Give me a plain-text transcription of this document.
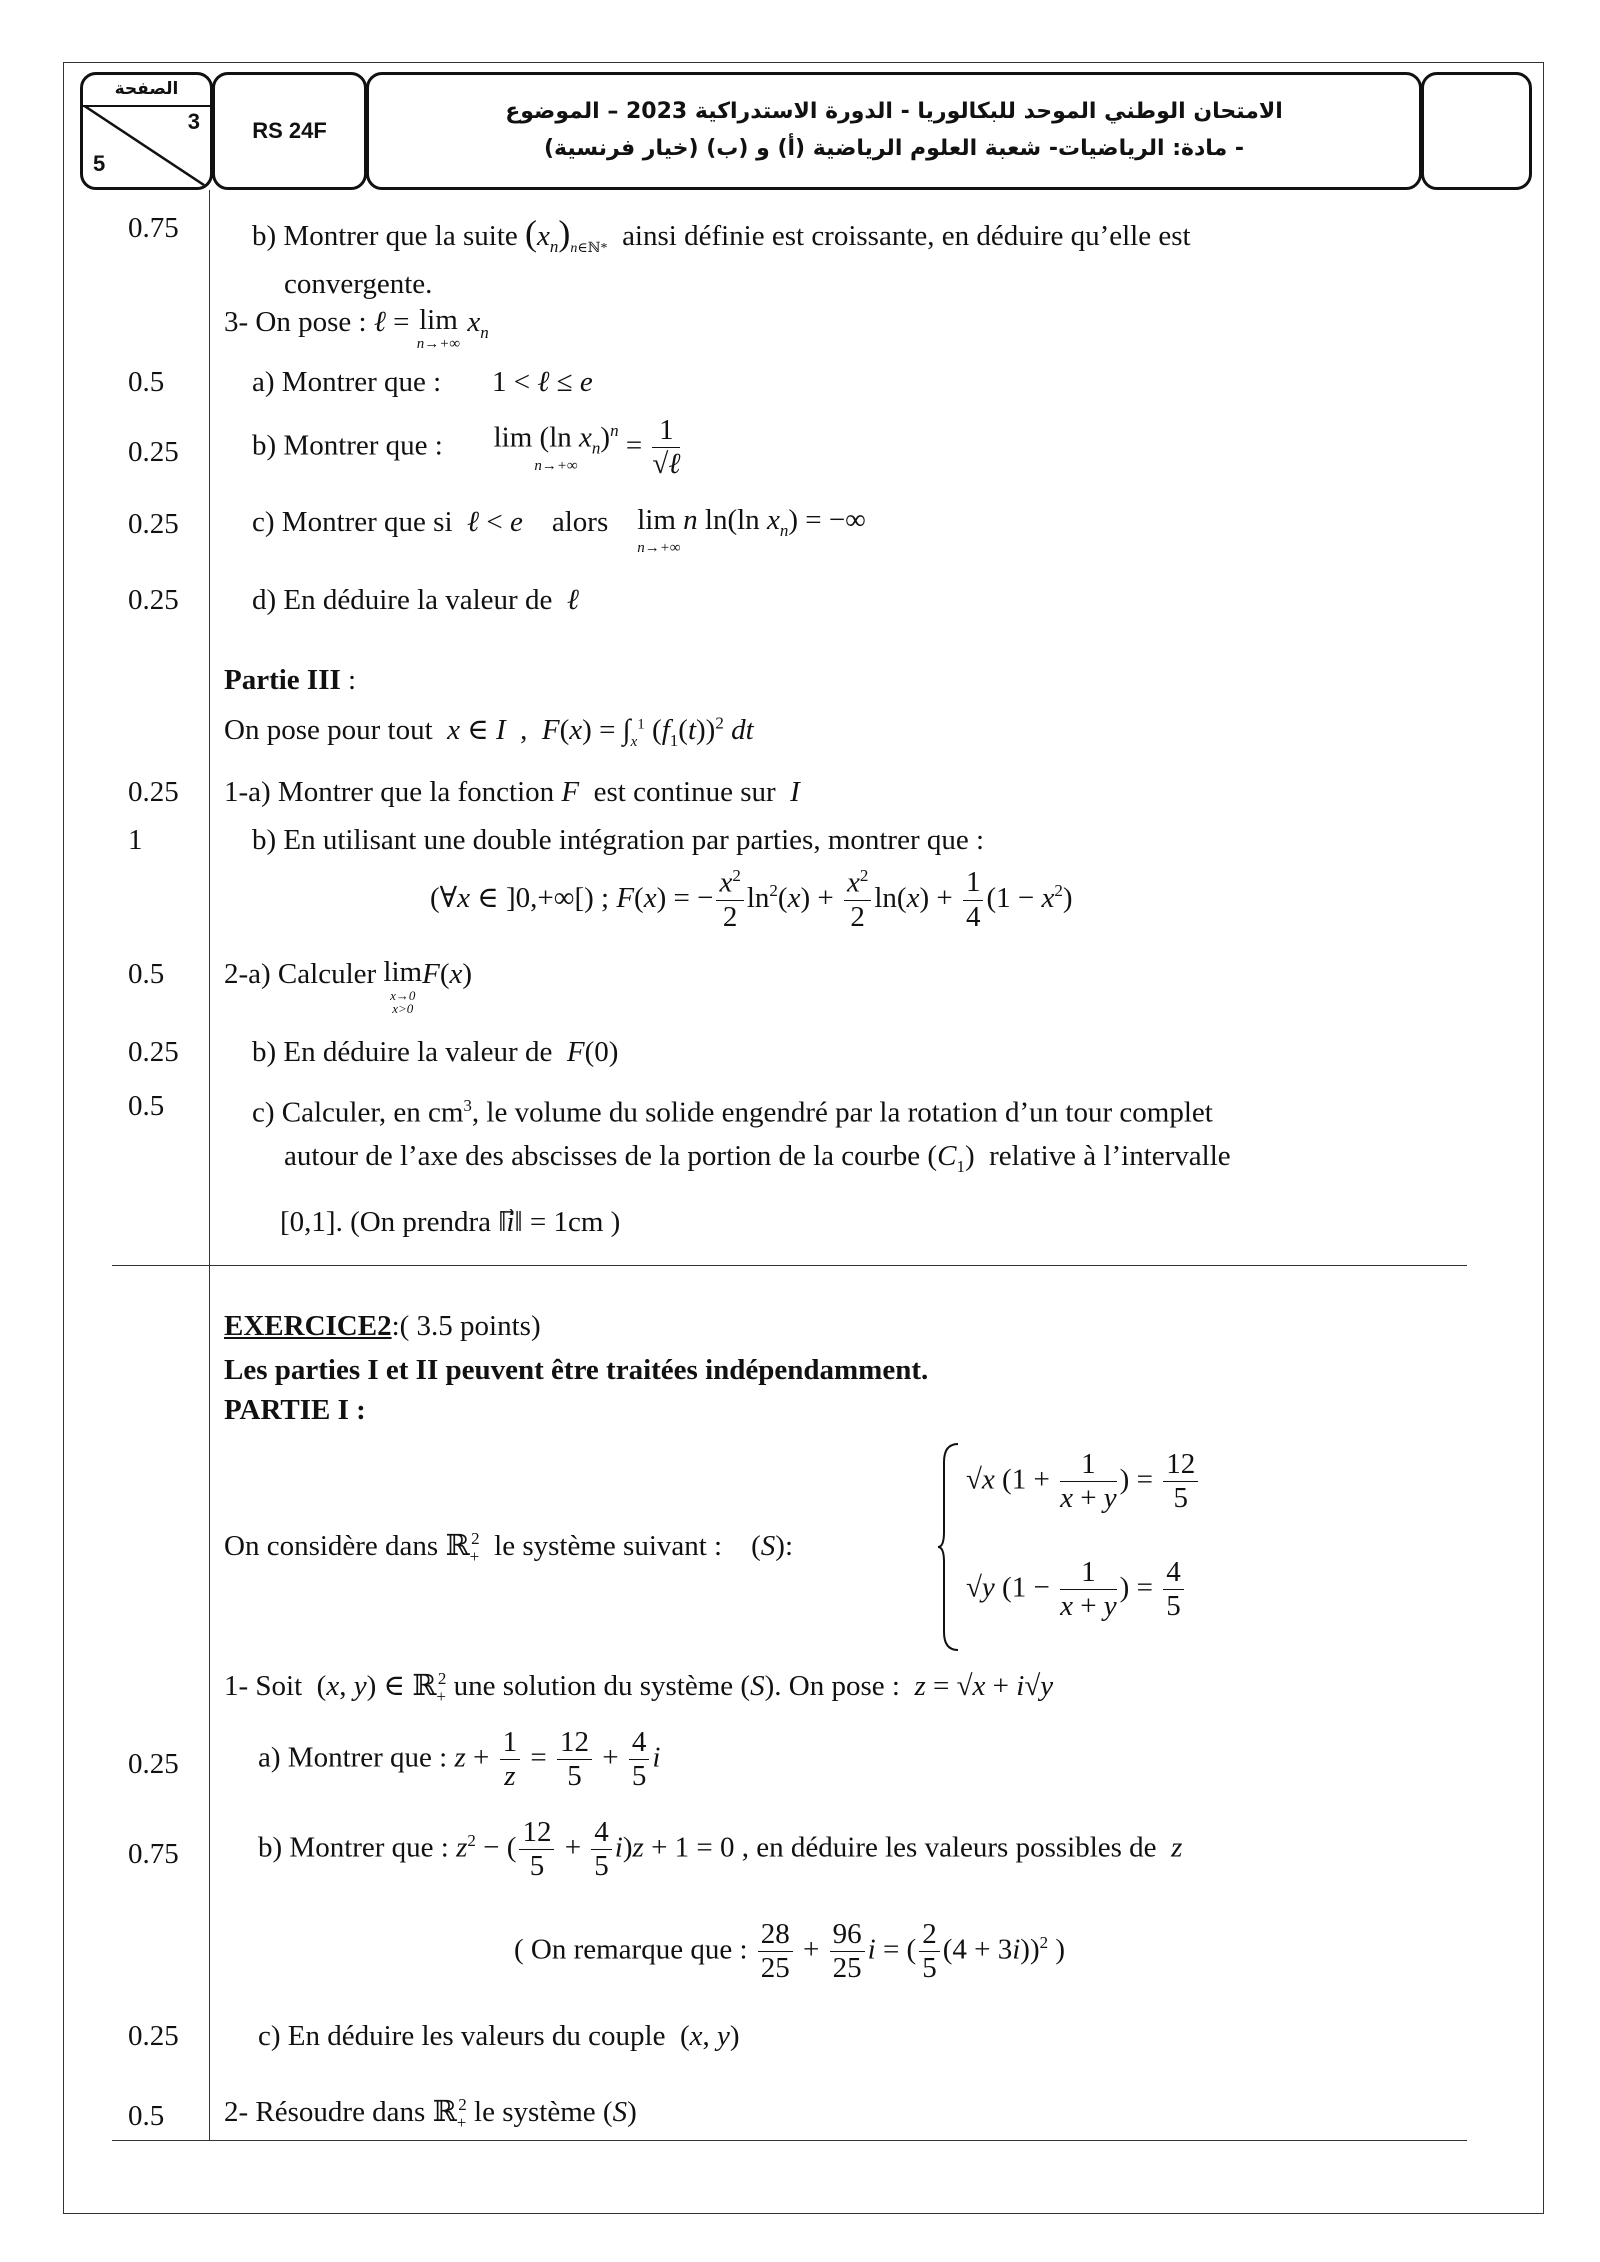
الصفحة
3
5
RS 24F
الامتحان الوطني الموحد للبكالوريا - الدورة الاستدراكية 2023 – الموضوع
- مادة: الرياضيات- شعبة العلوم الرياضية (أ) و (ب) (خيار فرنسية)
0.75
0.5
0.25
0.25
0.25
0.25
1
0.5
0.25
0.5
0.25
0.75
0.25
0.5
b) Montrer que la suite $(x_n)_{n\in ℕ*}$ ainsi définie est croissante, en déduire qu’elle est
convergente.
3- On pose : ℓ = lim
n→+∞
$x_n$
a) Montrer que :       1 < ℓ ≤ e
b) Montrer que : lim (ln $x_n)^n$
n→+∞
= $\frac{1}{\text{√ℓ}}$
c) Montrer que si ℓ < e alors lim n ln(ln $x_n$) = −∞
n→+∞
d) En déduire la valeur de ℓ
Partie III :
On pose pour tout x ∈ I  ,  $F(x) = \int_x^1$ $(f_1(t))^2$ dt
1-a) Montrer que la fonction F est continue sur I
b) En utilisant une double intégration par parties, montrer que :
(∀x ∈ ]0,+∞[) ; F(x) = − $\frac{x^2}{2} \ln^2(x) + \frac{x^2}{2} \ln(x) + \frac{1}{4} (1 - x^2)$
2-a) Calculer lim
x→0
x>0
F(x)
b) En déduire la valeur de F(0)
c) Calculer, en $cm^3$, le volume du solide engendré par la rotation d’un tour complet
autour de l’axe des abscisses de la portion de la courbe $(C_1)$  relative à l’intervalle
[0,1]. (On prendra ‖i⃗‖ = 1cm )
EXERCICE2:( 3.5 points)
Les parties I et II peuvent être traitées indépendamment.
PARTIE I :
On considère dans ℝ$_+^2$ le système suivant :    (S):
√x ($1 + \frac{1}{x + y}$ ) = $\frac{12}{5}$
√y ($1 - \frac{1}{x + y}$ ) = $\frac{4}{5}$
1- Soit  (x, y) ∈ ℝ$_+^2$ une solution du système (S). On pose : z = √x + i√y
a) Montrer que : $z + \frac{1}{z} = \frac{12}{5} + \frac{4}{5}$ i
b) Montrer que : $z^2$ − ( $\frac{12}{5} + \frac{4}{5} i)z + 1 = 0$ , en déduire les valeurs possibles de z
( On remarque que : $\frac{28}{25} + \frac{96}{25}$ i = ( $\frac{2}{5} (4 + 3i))^2$ )
c) En déduire les valeurs du couple  (x, y)
2- Résoudre dans ℝ$_+^2$ le système (S)
